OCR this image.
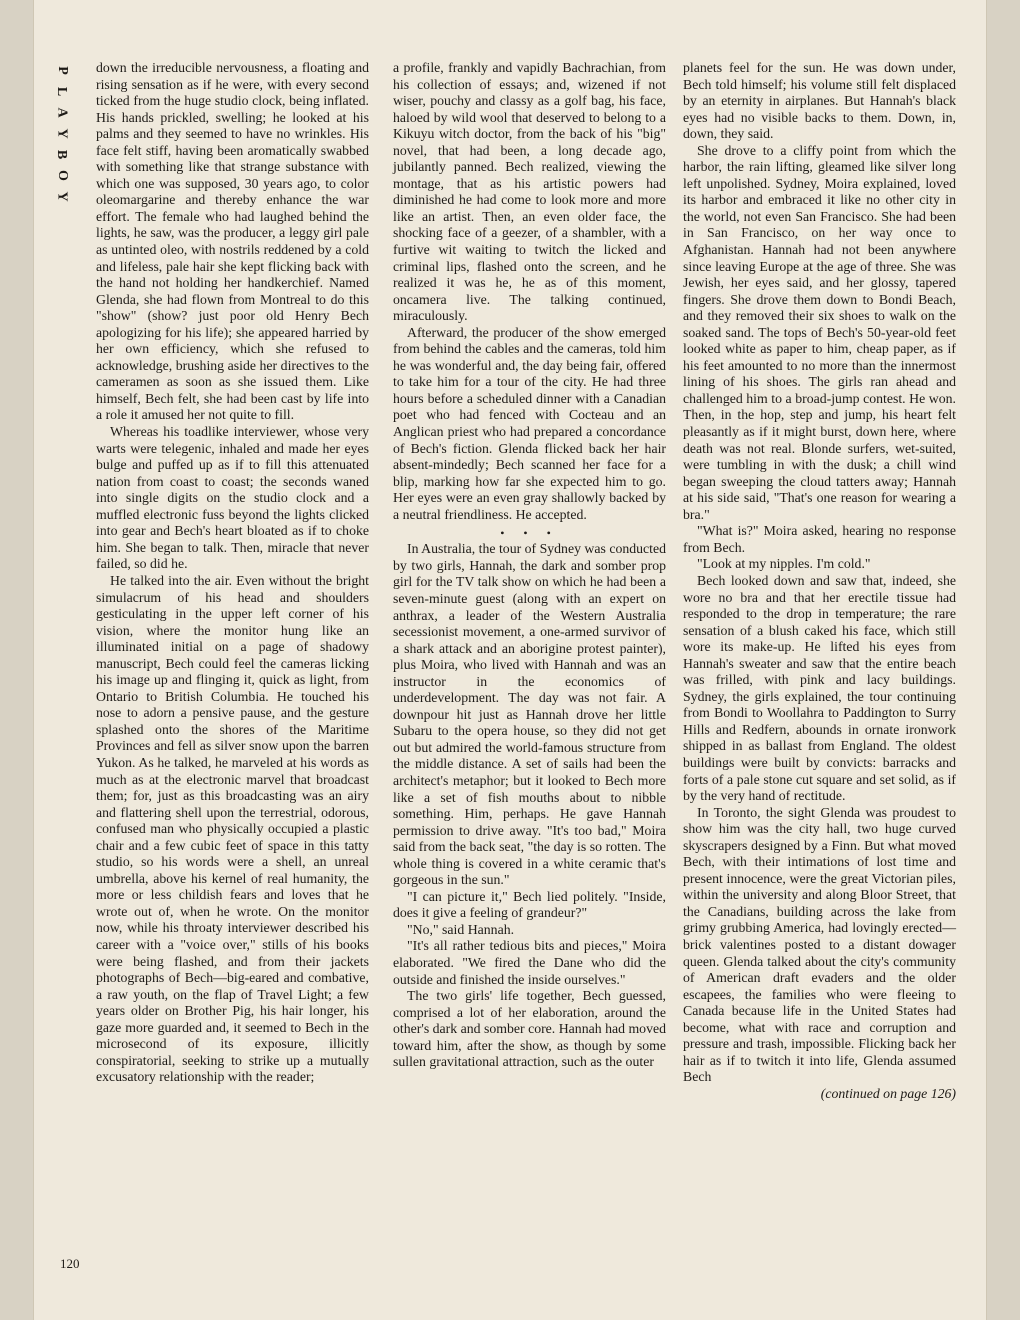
P
L
A
Y
B
O
Y

down the irreducible nervousness, a floating and rising sensation as if he were, with every second ticked from the huge studio clock, being inflated. His hands prickled, swelling; he looked at his palms and they seemed to have no wrinkles. His face felt stiff, having been aromatically swabbed with something like that strange substance with which one was supposed, 30 years ago, to color oleomargarine and thereby enhance the war effort. The female who had laughed behind the lights, he saw, was the producer, a leggy girl pale as untinted oleo, with nostrils reddened by a cold and lifeless, pale hair she kept flicking back with the hand not holding her handkerchief. Named Glenda, she had flown from Montreal to do this "show" (show? just poor old Henry Bech apologizing for his life); she appeared harried by her own efficiency, which she refused to acknowledge, brushing aside her directives to the cameramen as soon as she issued them. Like himself, Bech felt, she had been cast by life into a role it amused her not quite to fill.

Whereas his toadlike interviewer, whose very warts were telegenic, inhaled and made her eyes bulge and puffed up as if to fill this attenuated nation from coast to coast; the seconds waned into single digits on the studio clock and a muffled electronic fuss beyond the lights clicked into gear and Bech's heart bloated as if to choke him. She began to talk. Then, miracle that never failed, so did he.

He talked into the air. Even without the bright simulacrum of his head and shoulders gesticulating in the upper left corner of his vision, where the monitor hung like an illuminated initial on a page of shadowy manuscript, Bech could feel the cameras licking his image up and flinging it, quick as light, from Ontario to British Columbia. He touched his nose to adorn a pensive pause, and the gesture splashed onto the shores of the Maritime Provinces and fell as silver snow upon the barren Yukon. As he talked, he marveled at his words as much as at the electronic marvel that broadcast them; for, just as this broadcasting was an airy and flattering shell upon the terrestrial, odorous, confused man who physically occupied a plastic chair and a few cubic feet of space in this tatty studio, so his words were a shell, an unreal umbrella, above his kernel of real humanity, the more or less childish fears and loves that he wrote out of, when he wrote. On the monitor now, while his throaty interviewer described his career with a "voice over," stills of his books were being flashed, and from their jackets photographs of Bech—big-eared and combative, a raw youth, on the flap of Travel Light; a few years older on Brother Pig, his hair longer, his gaze more guarded and, it seemed to Bech in the microsecond of its exposure, illicitly conspiratorial, seeking to strike up a mutually excusatory relationship with the reader;

a profile, frankly and vapidly Bachrachian, from his collection of essays; and, wizened if not wiser, pouchy and classy as a golf bag, his face, haloed by wild wool that deserved to belong to a Kikuyu witch doctor, from the back of his "big" novel, that had been, a long decade ago, jubilantly panned. Bech realized, viewing the montage, that as his artistic powers had diminished he had come to look more and more like an artist. Then, an even older face, the shocking face of a geezer, of a shambler, with a furtive wit waiting to twitch the licked and criminal lips, flashed onto the screen, and he realized it was he, he as of this moment, oncamera live. The talking continued, miraculously.

Afterward, the producer of the show emerged from behind the cables and the cameras, told him he was wonderful and, the day being fair, offered to take him for a tour of the city. He had three hours before a scheduled dinner with a Canadian poet who had fenced with Cocteau and an Anglican priest who had prepared a concordance of Bech's fiction. Glenda flicked back her hair absent-mindedly; Bech scanned her face for a blip, marking how far she expected him to go. Her eyes were an even gray shallowly backed by a neutral friendliness. He accepted.

• • •

In Australia, the tour of Sydney was conducted by two girls, Hannah, the dark and somber prop girl for the TV talk show on which he had been a seven-minute guest (along with an expert on anthrax, a leader of the Western Australia secessionist movement, a one-armed survivor of a shark attack and an aborigine protest painter), plus Moira, who lived with Hannah and was an instructor in the economics of underdevelopment. The day was not fair. A downpour hit just as Hannah drove her little Subaru to the opera house, so they did not get out but admired the world-famous structure from the middle distance. A set of sails had been the architect's metaphor; but it looked to Bech more like a set of fish mouths about to nibble something. Him, perhaps. He gave Hannah permission to drive away. "It's too bad," Moira said from the back seat, "the day is so rotten. The whole thing is covered in a white ceramic that's gorgeous in the sun."

"I can picture it," Bech lied politely. "Inside, does it give a feeling of grandeur?"

"No," said Hannah.

"It's all rather tedious bits and pieces," Moira elaborated. "We fired the Dane who did the outside and finished the inside ourselves."

The two girls' life together, Bech guessed, comprised a lot of her elaboration, around the other's dark and somber core. Hannah had moved toward him, after the show, as though by some sullen gravitational attraction, such as the outer

planets feel for the sun. He was down under, Bech told himself; his volume still felt displaced by an eternity in airplanes. But Hannah's black eyes had no visible backs to them. Down, in, down, they said.

She drove to a cliffy point from which the harbor, the rain lifting, gleamed like silver long left unpolished. Sydney, Moira explained, loved its harbor and embraced it like no other city in the world, not even San Francisco. She had been in San Francisco, on her way once to Afghanistan. Hannah had not been anywhere since leaving Europe at the age of three. She was Jewish, her eyes said, and her glossy, tapered fingers. She drove them down to Bondi Beach, and they removed their six shoes to walk on the soaked sand. The tops of Bech's 50-year-old feet looked white as paper to him, cheap paper, as if his feet amounted to no more than the innermost lining of his shoes. The girls ran ahead and challenged him to a broad-jump contest. He won. Then, in the hop, step and jump, his heart felt pleasantly as if it might burst, down here, where death was not real. Blonde surfers, wet-suited, were tumbling in with the dusk; a chill wind began sweeping the cloud tatters away; Hannah at his side said, "That's one reason for wearing a bra."

"What is?" Moira asked, hearing no response from Bech.

"Look at my nipples. I'm cold."

Bech looked down and saw that, indeed, she wore no bra and that her erectile tissue had responded to the drop in temperature; the rare sensation of a blush caked his face, which still wore its make-up. He lifted his eyes from Hannah's sweater and saw that the entire beach was frilled, with pink and lacy buildings. Sydney, the girls explained, the tour continuing from Bondi to Woollahra to Paddington to Surry Hills and Redfern, abounds in ornate ironwork shipped in as ballast from England. The oldest buildings were built by convicts: barracks and forts of a pale stone cut square and set solid, as if by the very hand of rectitude.

In Toronto, the sight Glenda was proudest to show him was the city hall, two huge curved skyscrapers designed by a Finn. But what moved Bech, with their intimations of lost time and present innocence, were the great Victorian piles, within the university and along Bloor Street, that the Canadians, building across the lake from grimy grubbing America, had lovingly erected—brick valentines posted to a distant dowager queen. Glenda talked about the city's community of American draft evaders and the older escapees, the families who were fleeing to Canada because life in the United States had become, what with race and corruption and pressure and trash, impossible. Flicking back her hair as if to twitch it into life, Glenda assumed Bech

(continued on page 126)

120
